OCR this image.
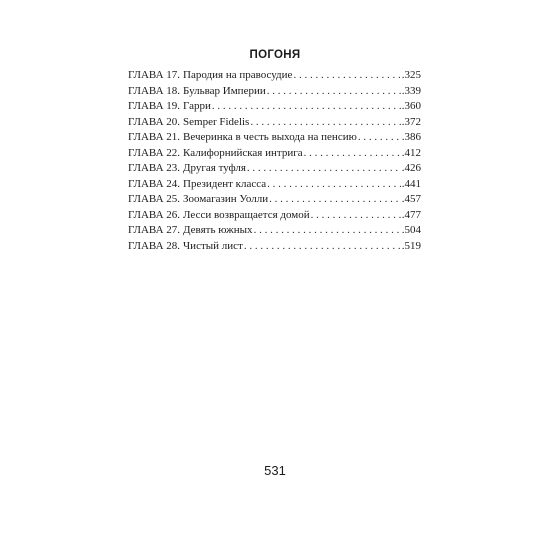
ПОГОНЯ
ГЛАВА 17. Пародия на правосудие . . .	.325
ГЛАВА 18. Бульвар Империи . . .	.339
ГЛАВА 19. Гарри . . .	.360
ГЛАВА 20. Semper Fidelis . . .	.372
ГЛАВА 21. Вечеринка в честь выхода на пенсию . . .	.386
ГЛАВА 22. Калифорнийская интрига . . .	.412
ГЛАВА 23. Другая туфля . . .	.426
ГЛАВА 24. Президент класса . . .	.441
ГЛАВА 25. Зоомагазин Уолли . . .	.457
ГЛАВА 26. Лесси возвращается домой . . .	.477
ГЛАВА 27. Девять южных . . .	.504
ГЛАВА 28. Чистый лист . . .	.519
531
